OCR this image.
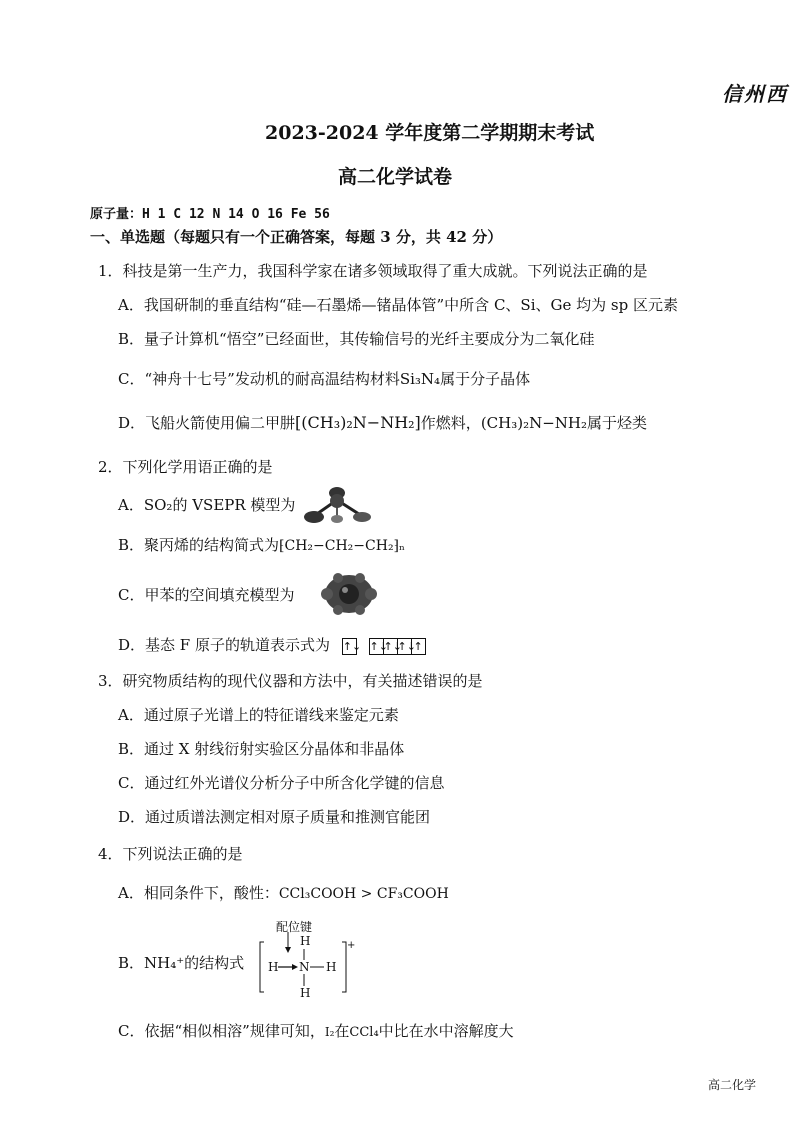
信州西
2023-2024 学年度第二学期期末考试
高二化学试卷
原子量：H 1 C 12 N 14 O 16 Fe 56
一、单选题（每题只有一个正确答案，每题 3 分，共 42 分）
1．科技是第一生产力，我国科学家在诸多领域取得了重大成就。下列说法正确的是
A．我国研制的垂直结构“硅—石墨烯—锗晶体管”中所含 C、Si、Ge 均为 sp 区元素
B．量子计算机“悟空”已经面世，其传输信号的光纤主要成分为二氧化硅
C．“神舟十七号”发动机的耐高温结构材料Si₃N₄属于分子晶体
D．飞船火箭使用偏二甲肼[(CH₃)₂N−NH₂]作燃料，(CH₃)₂N−NH₂属于烃类
2．下列化学用语正确的是
A．SO₂的 VSEPR 模型为
B．聚丙烯的结构简式为⁅CH₂−CH₂−CH₂⁆ₙ
C．甲苯的空间填充模型为
D．基态 F 原子的轨道表示式为 ↑↓ ↑↓↑↓↑↓↑
3．研究物质结构的现代仪器和方法中，有关描述错误的是
A．通过原子光谱上的特征谱线来鉴定元素
B．通过 X 射线衍射实验区分晶体和非晶体
C．通过红外光谱仪分析分子中所含化学键的信息
D．通过质谱法测定相对原子质量和推测官能团
4．下列说法正确的是
A．相同条件下，酸性：CCl₃COOH > CF₃COOH
B．NH₄⁺的结构式
配位键
H
H N H
H
+
C．依据“相似相溶”规律可知，I₂在CCl₄中比在水中溶解度大
高二化学
